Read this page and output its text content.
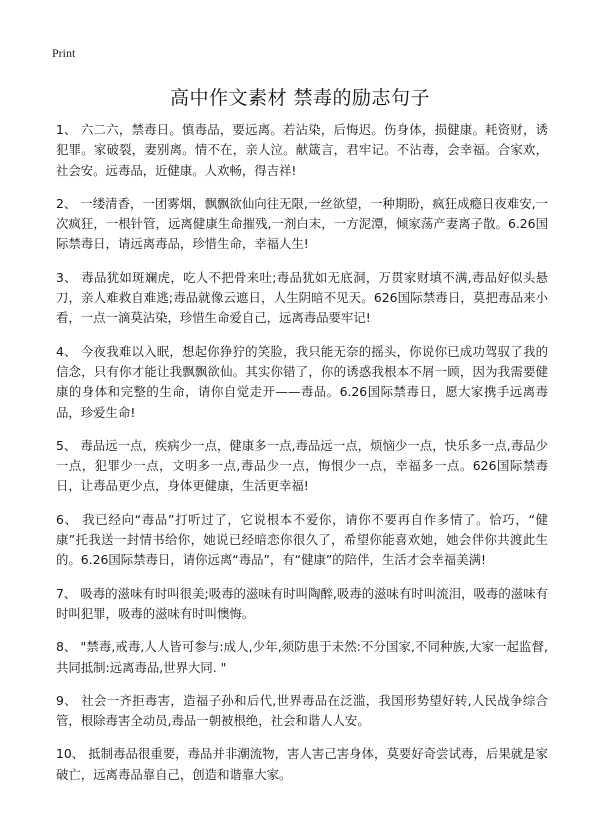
Print
高中作文素材 禁毒的励志句子

1、 六二六，禁毒日。慎毒品，要远离。若沾染，后悔迟。伤身体，损健康。耗资财，诱犯罪。家破裂，妻别离。情不在，亲人泣。献箴言，君牢记。不沾毒，会幸福。合家欢，社会安。远毒品，近健康。人欢畅，得吉祥!

2、 一缕清香，一团雾烟，飘飘欲仙向往无限,一丝欲望，一种期盼，疯狂成瘾日夜难安,一次疯狂，一根针管，远离健康生命摧残,一剂白末，一方泥潭，倾家荡产妻离子散。6.26国际禁毒日，请远离毒品，珍惜生命，幸福人生!

3、 毒品犹如斑斓虎，吃人不把骨来吐;毒品犹如无底洞，万贯家财填不满,毒品好似头悬刀，亲人难救自难逃;毒品就像云遮日，人生阴暗不见天。626国际禁毒日，莫把毒品来小看，一点一滴莫沾染，珍惜生命爱自己，远离毒品要牢记!

4、 今夜我难以入眠，想起你狰狞的笑脸，我只能无奈的摇头，你说你已成功驾驭了我的信念，只有你才能让我飘飘欲仙。其实你错了，你的诱惑我根本不屑一顾，因为我需要健康的身体和完整的生命，请你自觉走开——毒品。6.26国际禁毒日，愿大家携手远离毒品，珍爱生命!

5、 毒品远一点，疾病少一点，健康多一点,毒品远一点，烦恼少一点，快乐多一点,毒品少一点，犯罪少一点，文明多一点,毒品少一点，悔恨少一点，幸福多一点。626国际禁毒日，让毒品更少点，身体更健康，生活更幸福!

6、 我已经向“毒品”打听过了，它说根本不爱你，请你不要再自作多情了。恰巧，“健康”托我送一封情书给你，她说已经暗恋你很久了，希望你能喜欢她，她会伴你共渡此生的。6.26国际禁毒日，请你远离“毒品”，有“健康”的陪伴，生活才会幸福美满!

7、 吸毒的滋味有时叫很美;吸毒的滋味有时叫陶醉,吸毒的滋味有时叫流泪，吸毒的滋味有时叫犯罪，吸毒的滋味有时叫懊悔。

8、 "禁毒,戒毒,人人皆可参与:成人,少年,须防患于未然:不分国家,不同种族,大家一起监督,共同抵制:远离毒品,世界大同. "

9、 社会一齐拒毒害，造福子孙和后代,世界毒品在泛滥，我国形势望好转,人民战争综合管，根除毒害全动员,毒品一朝被根绝，社会和谐人人安。

10、 抵制毒品很重要，毒品并非潮流物，害人害己害身体，莫要好奇尝试毒，后果就是家破亡，远离毒品靠自己，创造和谐靠大家。
